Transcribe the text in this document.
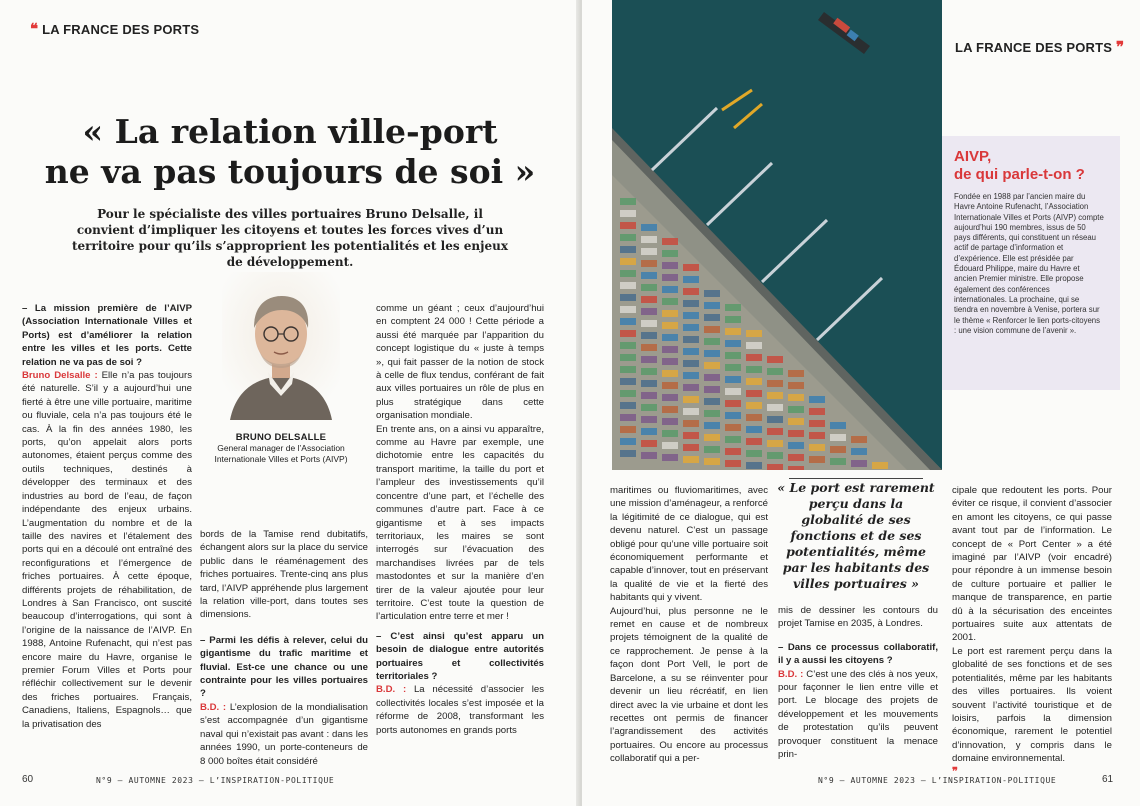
❝ LA FRANCE DES PORTS
« La relation ville-port
ne va pas toujours de soi »
Pour le spécialiste des villes portuaires Bruno Delsalle, il convient d’impliquer les citoyens et toutes les forces vives d’un territoire pour qu’ils s’approprient les potentialités et les enjeux de développement.

– La mission première de l’AIVP (Association Internationale Villes et Ports) est d’améliorer la relation entre les villes et les ports. Cette relation ne va pas de soi ?

Bruno Delsalle : Elle n’a pas toujours été naturelle. S’il y a aujourd’hui une fierté à être une ville portuaire, maritime ou fluviale, cela n’a pas toujours été le cas. À la fin des années 1980, les ports, qu’on appelait alors ports autonomes, étaient perçus comme des outils techniques, destinés à développer des terminaux et des industries au bord de l’eau, de façon indépendante des enjeux urbains. L’augmentation du nombre et de la taille des navires et l’étalement des ports qui en a découlé ont entraîné des reconfigurations et l’émergence de friches portuaires. À cette époque, différents projets de réhabilitation, de Londres à San Francisco, ont suscité beaucoup d’interrogations, qui sont à l’origine de la naissance de l’AIVP. En 1988, Antoine Rufenacht, qui n’est pas encore maire du Havre, organise le premier Forum Villes et Ports pour réfléchir collectivement sur le devenir des friches portuaires. Français, Canadiens, Italiens, Espagnols… que la privatisation des

BRUNO DELSALLE
General manager de l’Association Internationale Villes et Ports (AIVP)

bords de la Tamise rend dubitatifs, échangent alors sur la place du service public dans le réaménagement des friches portuaires. Trente-cinq ans plus tard, l’AIVP appréhende plus largement la relation ville-port, dans toutes ses dimensions.

– Parmi les défis à relever, celui du gigantisme du trafic maritime et fluvial. Est-ce une chance ou une contrainte pour les villes portuaires ?

B.D. : L’explosion de la mondialisation s’est accompagnée d’un gigantisme naval qui n’existait pas avant : dans les années 1990, un porte-conteneurs de 8 000 boîtes était considéré

comme un géant ; ceux d’aujourd’hui en comptent 24 000 ! Cette période a aussi été marquée par l’apparition du concept logistique du « juste à temps », qui fait passer de la notion de stock à celle de flux tendus, conférant de fait aux villes portuaires un rôle de plus en plus stratégique dans cette organisation mondiale.

En trente ans, on a ainsi vu apparaître, comme au Havre par exemple, une dichotomie entre les capacités du transport maritime, la taille du port et l’ampleur des investissements qu’il concentre d’une part, et l’échelle des communes d’autre part. Face à ce gigantisme et à ses impacts territoriaux, les maires se sont interrogés sur l’évacuation des marchandises livrées par de tels mastodontes et sur la manière d’en tirer de la valeur ajoutée pour leur territoire. C’est toute la question de l’articulation entre terre et mer !

– C’est ainsi qu’est apparu un besoin de dialogue entre autorités portuaires et collectivités territoriales ?

B.D. : La nécessité d’associer les collectivités locales s’est imposée et la réforme de 2008, transformant les ports autonomes en grands ports

60	N°9 – AUTOMNE 2023 – L’INSPIRATION-POLITIQUE
LA FRANCE DES PORTS ❞
AIVP,
de qui parle-t-on ?
Fondée en 1988 par l’ancien maire du Havre Antoine Rufenacht, l’Association Internationale Villes et Ports (AIVP) compte aujourd’hui 190 membres, issus de 50 pays différents, qui constituent un réseau actif de partage d’information et d’expérience. Elle est présidée par Édouard Philippe, maire du Havre et ancien Premier ministre. Elle propose également des conférences internationales. La prochaine, qui se tiendra en novembre à Venise, portera sur le thème « Renforcer le lien ports-citoyens : une vision commune de l’avenir ».

maritimes ou fluviomaritimes, avec une mission d’aménageur, a renforcé la légitimité de ce dialogue, qui est devenu naturel. C’est un passage obligé pour qu’une ville portuaire soit économiquement performante et capable d’innover, tout en préservant la qualité de vie et la fierté des habitants qui y vivent.

Aujourd’hui, plus personne ne le remet en cause et de nombreux projets témoignent de la qualité de ce rapprochement. Je pense à la façon dont Port Vell, le port de Barcelone, a su se réinventer pour devenir un lieu récréatif, en lien direct avec la vie urbaine et dont les recettes ont permis de financer l’agrandissement des activités portuaires. Ou encore au processus collaboratif qui a per-

« Le port est rarement perçu dans la globalité de ses fonctions et de ses potentialités, même par les habitants des villes portuaires »

mis de dessiner les contours du projet Tamise en 2035, à Londres.

– Dans ce processus collaboratif, il y a aussi les citoyens ?

B.D. : C’est une des clés à nos yeux, pour façonner le lien entre ville et port. Le blocage des projets de développement et les mouvements de protestation qu’ils peuvent provoquer constituent la menace prin-

cipale que redoutent les ports. Pour éviter ce risque, il convient d’associer en amont les citoyens, ce qui passe avant tout par de l’information. Le concept de « Port Center » a été imaginé par l’AIVP (voir encadré) pour répondre à un immense besoin de culture portuaire et pallier le manque de transparence, en partie dû à la sécurisation des enceintes portuaires suite aux attentats de 2001.

Le port est rarement perçu dans la globalité de ses fonctions et de ses potentialités, même par les habitants des villes portuaires. Ils voient souvent l’activité touristique et de loisirs, parfois la dimension économique, rarement le potentiel d’innovation, y compris dans le domaine environnemental.

❞
N°9 – AUTOMNE 2023 – L’INSPIRATION-POLITIQUE	61
